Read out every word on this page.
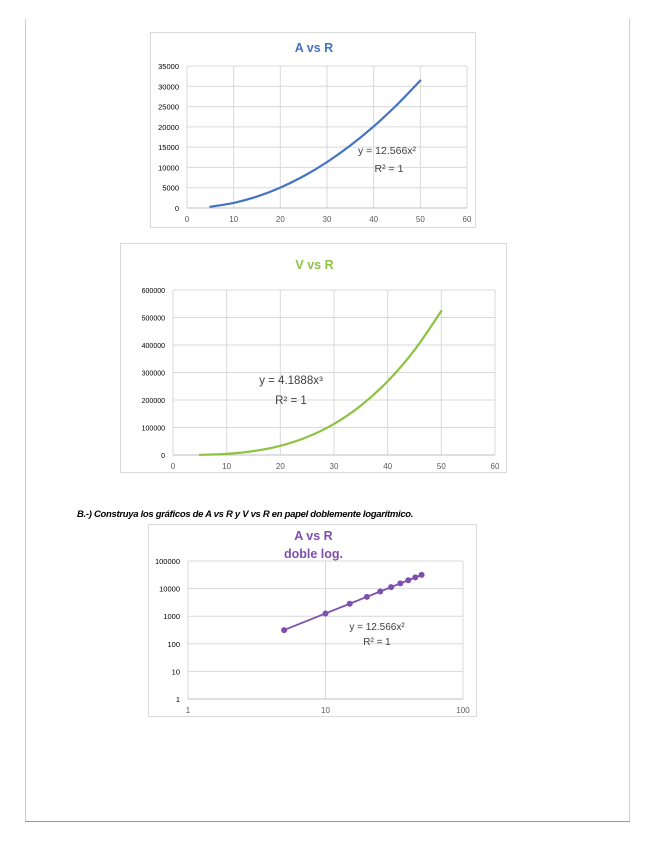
A vs R
0	10	20	30	40	50	60
0
5000
10000
15000
20000
25000
30000
35000
y = 12.566x²
R² = 1
V vs R
0	10	20	30	40	50	60
0
100000
200000
300000
400000
500000
600000
y = 4.1888x³
R² = 1
B.-) Construya los gráficos de A vs R y V vs R en papel doblemente logarítmico.
A vs R
doble log.
1	10	100
1
10
100
1000
10000
100000
y = 12.566x²
R² = 1
